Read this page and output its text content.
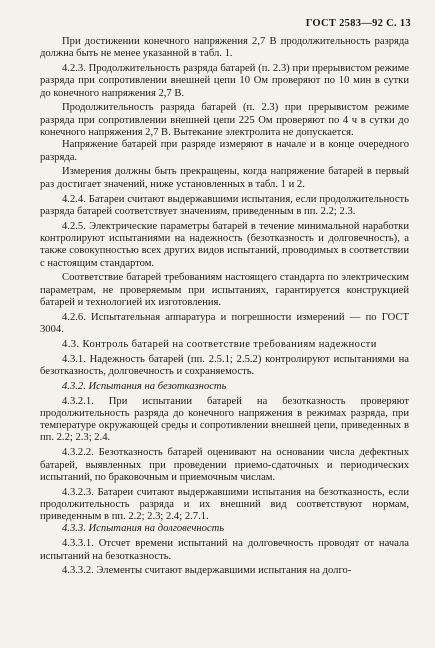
ГОСТ 2583—92 С. 13

При достижении конечного напряжения 2,7 В продолжительность разряда должна быть не менее указанной в табл. 1.

4.2.3. Продолжительность разряда батарей (п. 2.3) при прерывистом режиме разряда при сопротивлении внешней цепи 10 Ом проверяют по 10 мин в сутки до конечного напряжения 2,7 В.

Продолжительность разряда батарей (п. 2.3) при прерывистом режиме разряда при сопротивлении внешней цепи 225 Ом проверяют по 4 ч в сутки до конечного напряжения 2,7 В. Вытекание электролита не допускается.

Напряжение батарей при разряде измеряют в начале и в конце очередного разряда.

Измерения должны быть прекращены, когда напряжение батарей в первый раз достигает значений, ниже установленных в табл. 1 и 2.

4.2.4. Батареи считают выдержавшими испытания, если продолжительность разряда батарей соответствует значениям, приведенным в пп. 2.2; 2.3.

4.2.5. Электрические параметры батарей в течение минимальной наработки контролируют испытаниями на надежность (безотказность и долговечность), а также совокупностью всех других видов испытаний, проводимых в соответствии с настоящим стандартом.

Соответствие батарей требованиям настоящего стандарта по электрическим параметрам, не проверяемым при испытаниях, гарантируется конструкцией батарей и технологией их изготовления.

4.2.6. Испытательная аппаратура и погрешности измерений — по ГОСТ 3004.

4.3. Контроль батарей на соответствие требованиям надежности

4.3.1. Надежность батарей (пп. 2.5.1; 2.5.2) контролируют испытаниями на безотказность, долговечность и сохраняемость.

4.3.2. Испытания на безотказность

4.3.2.1. При испытании батарей на безотказность проверяют продолжительность разряда до конечного напряжения в режимах разряда, при температуре окружающей среды и сопротивлении внешней цепи, приведенных в пп. 2.2; 2.3; 2.4.

4.3.2.2. Безотказность батарей оценивают на основании числа дефектных батарей, выявленных при проведении приемо-сдаточных и периодических испытаний, по браковочным и приемочным числам.

4.3.2.3. Батареи считают выдержавшими испытания на безотказность, если продолжительность разряда и их внешний вид соответствуют нормам, приведенным в пп. 2.2; 2.3; 2.4; 2.7.1.

4.3.3. Испытания на долговечность

4.3.3.1. Отсчет времени испытаний на долговечность проводят от начала испытаний на безотказность.

4.3.3.2. Элементы считают выдержавшими испытания на долго-
